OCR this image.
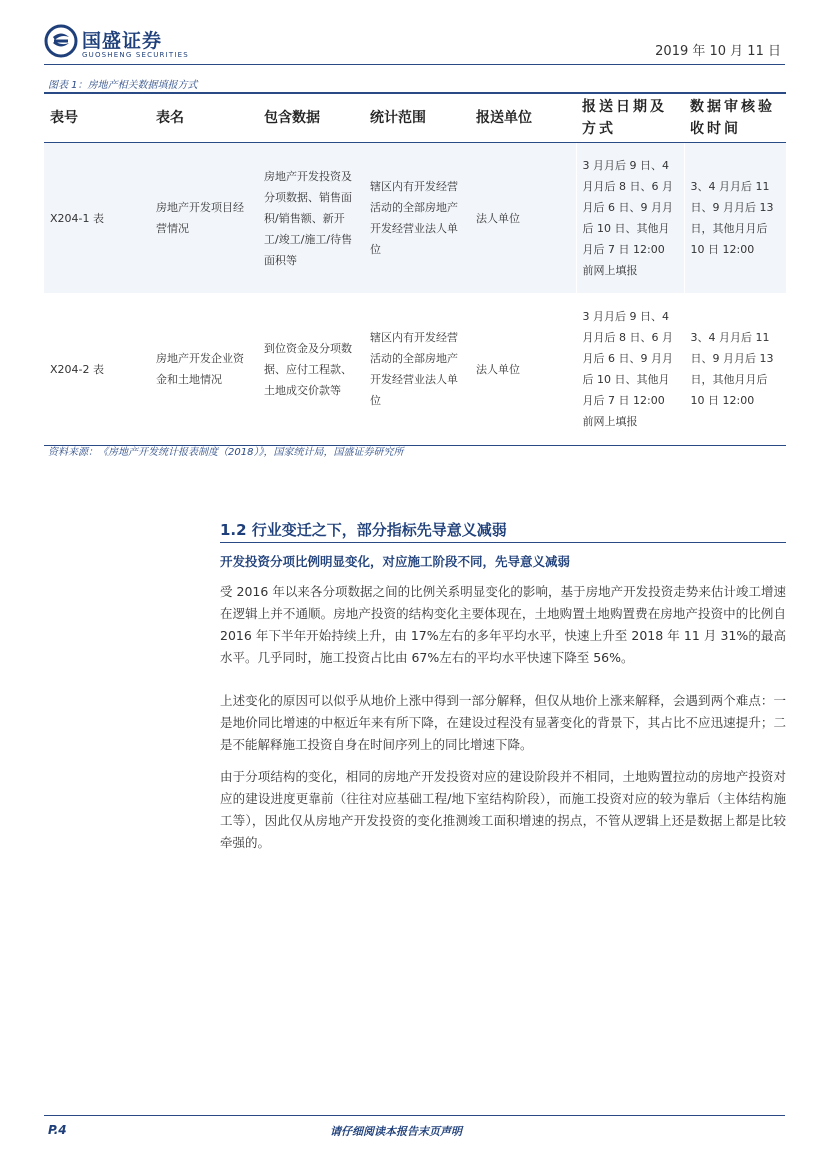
国盛证券
GUOSHENG SECURITIES	2019 年 10 月 11 日
图表 1：房地产相关数据填报方式
表号	表名	包含数据	统计范围	报送单位	报送日期及方式	数据审核验收时间
X204-1 表	房地产开发项目经营情况	房地产开发投资及分项数据、销售面积/销售额、新开工/竣工/施工/待售面积等	辖区内有开发经营活动的全部房地产开发经营业法人单位	法人单位	3 月月后 9 日、4 月月后 8 日、6 月月后 6 日、9 月月后 10 日、其他月月后 7 日 12:00 前网上填报	3、4 月月后 11 日、9 月月后 13 日，其他月月后 10 日 12:00
X204-2 表	房地产开发企业资金和土地情况	到位资金及分项数据、应付工程款、土地成交价款等	辖区内有开发经营活动的全部房地产开发经营业法人单位	法人单位	3 月月后 9 日、4 月月后 8 日、6 月月后 6 日、9 月月后 10 日、其他月月后 7 日 12:00 前网上填报	3、4 月月后 11 日、9 月月后 13 日，其他月月后 10 日 12:00
资料来源：《房地产开发统计报表制度（2018）》，国家统计局，国盛证券研究所
1.2 行业变迁之下，部分指标先导意义减弱
开发投资分项比例明显变化，对应施工阶段不同，先导意义减弱

受 2016 年以来各分项数据之间的比例关系明显变化的影响，基于房地产开发投资走势来估计竣工增速在逻辑上并不通顺。房地产投资的结构变化主要体现在，土地购置土地购置费在房地产投资中的比例自 2016 年下半年开始持续上升，由 17%左右的多年平均水平，快速上升至 2018 年 11 月 31%的最高水平。几乎同时，施工投资占比由 67%左右的平均水平快速下降至 56%。

上述变化的原因可以似乎从地价上涨中得到一部分解释，但仅从地价上涨来解释，会遇到两个难点：一是地价同比增速的中枢近年来有所下降，在建设过程没有显著变化的背景下，其占比不应迅速提升；二是不能解释施工投资自身在时间序列上的同比增速下降。

由于分项结构的变化，相同的房地产开发投资对应的建设阶段并不相同，土地购置拉动的房地产投资对应的建设进度更靠前（往往对应基础工程/地下室结构阶段），而施工投资对应的较为靠后（主体结构施工等），因此仅从房地产开发投资的变化推测竣工面积增速的拐点，不管从逻辑上还是数据上都是比较牵强的。

P.4	请仔细阅读本报告末页声明
